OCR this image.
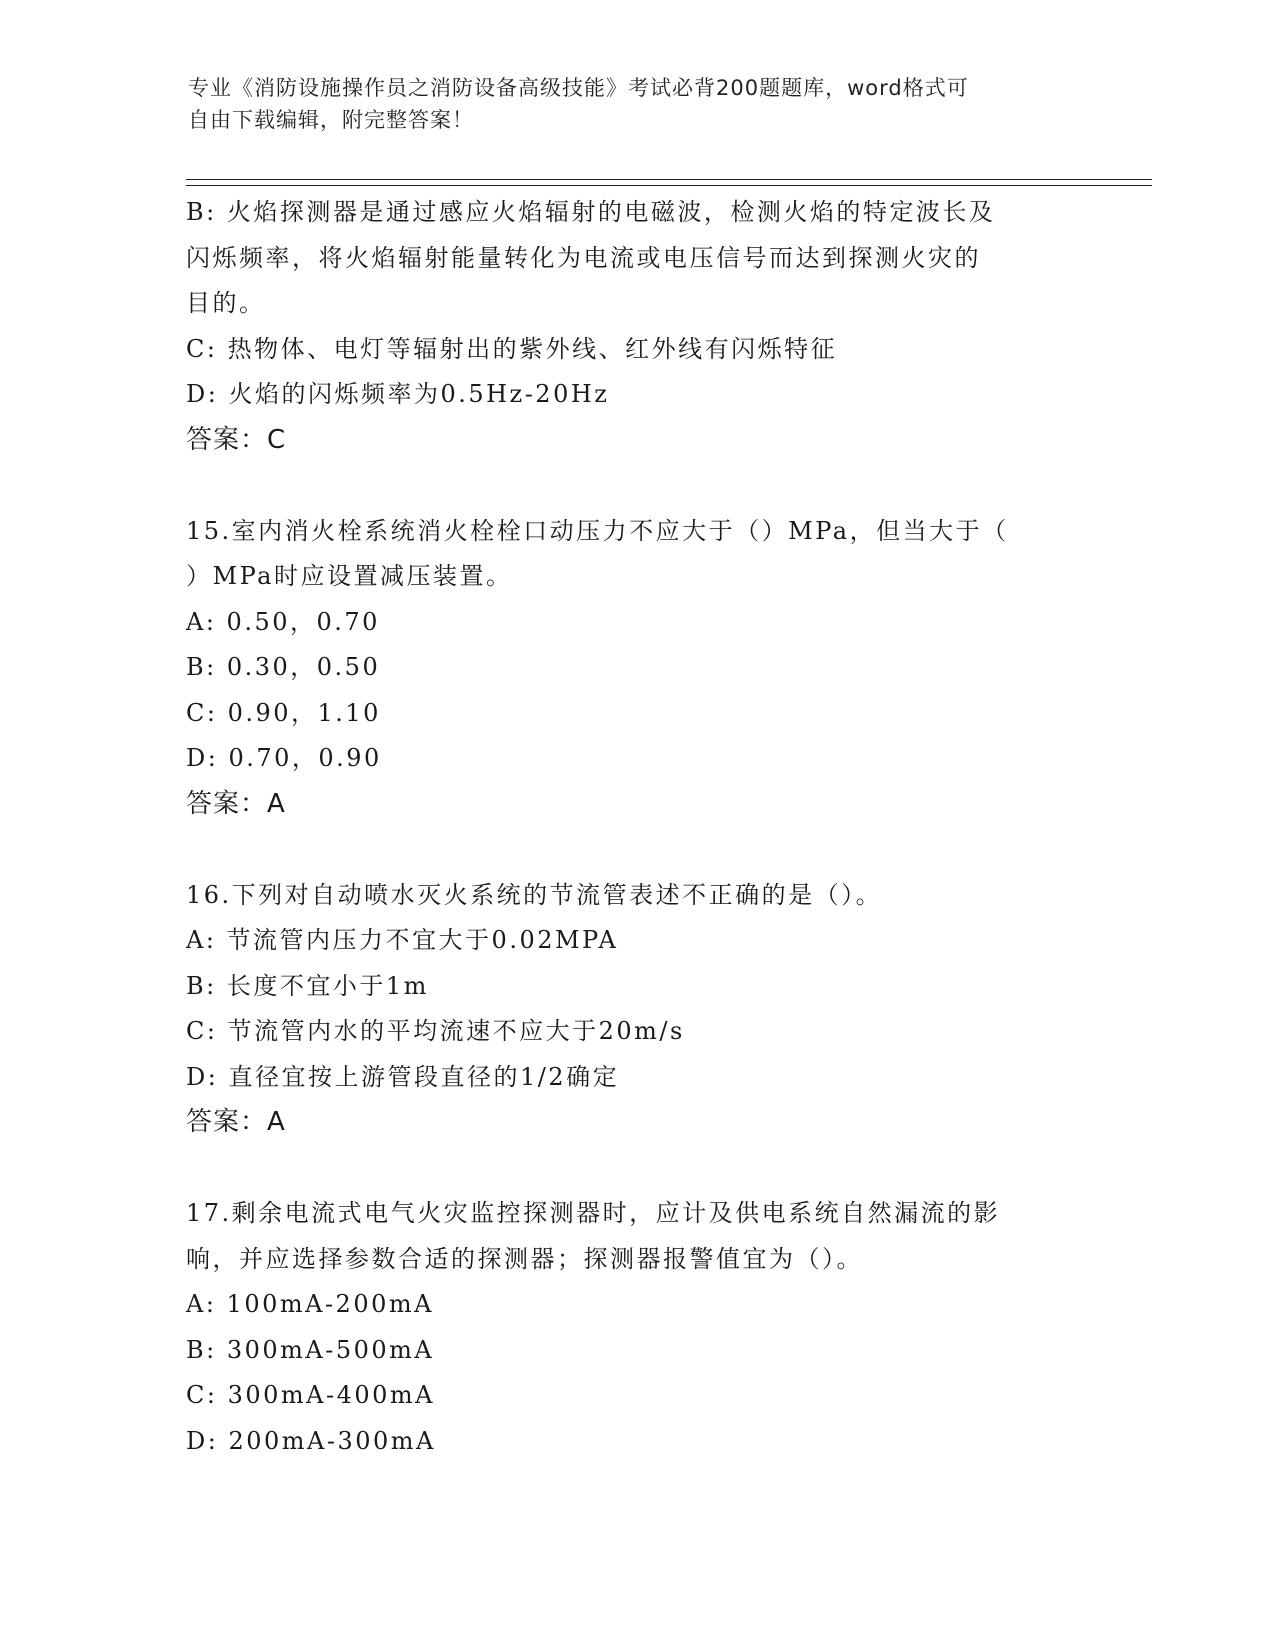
专业《消防设施操作员之消防设备高级技能》考试必背200题题库，word格式可
自由下载编辑，附完整答案！
B: 火焰探测器是通过感应火焰辐射的电磁波，检测火焰的特定波长及
闪烁频率，将火焰辐射能量转化为电流或电压信号而达到探测火灾的
目的。
C: 热物体、电灯等辐射出的紫外线、红外线有闪烁特征
D: 火焰的闪烁频率为0.5Hz-20Hz
答案：C
15.室内消火栓系统消火栓栓口动压力不应大于（）MPa，但当大于（
）MPa时应设置减压装置。
A: 0.50，0.70
B: 0.30，0.50
C: 0.90，1.10
D: 0.70，0.90
答案：A
16.下列对自动喷水灭火系统的节流管表述不正确的是（）。
A: 节流管内压力不宜大于0.02MPA
B: 长度不宜小于1m
C: 节流管内水的平均流速不应大于20m/s
D: 直径宜按上游管段直径的1/2确定
答案：A
17.剩余电流式电气火灾监控探测器时，应计及供电系统自然漏流的影
响，并应选择参数合适的探测器；探测器报警值宜为（）。
A: 100mA-200mA
B: 300mA-500mA
C: 300mA-400mA
D: 200mA-300mA
